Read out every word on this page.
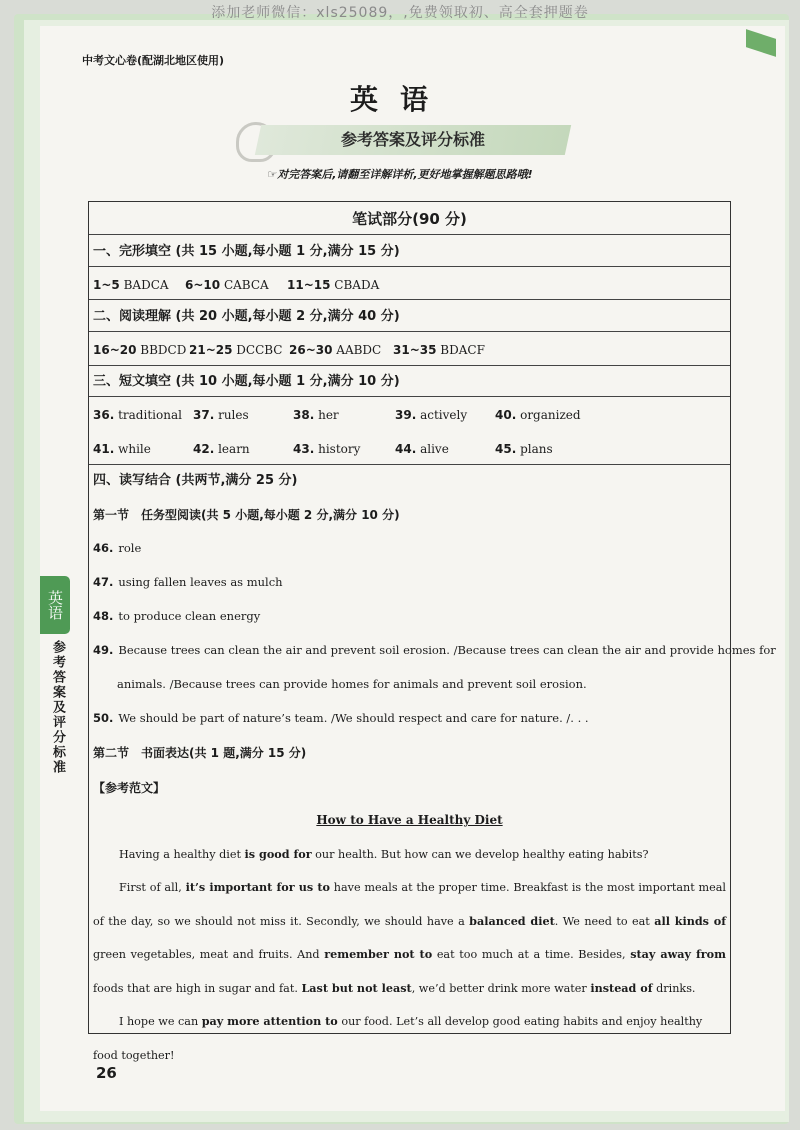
添加老师微信：xls25089，,免费领取初、高全套押题卷
中考文心卷(配湖北地区使用)
英语
参考答案及评分标准
☞对完答案后,请翻至详解详析,更好地掌握解题思路哦!
笔试部分(90 分)
一、完形填空 (共 15 小题,每小题 1 分,满分 15 分)
1~5 BADCA 6~10 CABCA 11~15 CBADA
二、阅读理解 (共 20 小题,每小题 2 分,满分 40 分)
16~20 BBDCD 21~25 DCCBC 26~30 AABDC 31~35 BDACF
三、短文填空 (共 10 小题,每小题 1 分,满分 10 分)
36. traditional 37. rules	38. her	39. actively 40. organized
41. while	42. learn	43. history	44. alive	45. plans
四、读写结合 (共两节,满分 25 分)
第一节　任务型阅读(共 5 小题,每小题 2 分,满分 10 分)
46. role
47. using fallen leaves as mulch
48. to produce clean energy
49. Because trees can clean the air and prevent soil erosion. /Because trees can clean the air and provide homes for
animals. /Because trees can provide homes for animals and prevent soil erosion.
50. We should be part of nature’s team. /We should respect and care for nature. /. . .
第二节　书面表达(共 1 题,满分 15 分)
【参考范文】
How to Have a Healthy Diet
Having a healthy diet is good for our health. But how can we develop healthy eating habits?
First of all, it’s important for us to have meals at the proper time. Breakfast is the most important meal of the day, so we should not miss it. Secondly, we should have a balanced diet. We need to eat all kinds of green vegetables, meat and fruits. And remember not to eat too much at a time. Besides, stay away from foods that are high in sugar and fat. Last but not least, we’d better drink more water instead of drinks.
I hope we can pay more attention to our food. Let’s all develop good eating habits and enjoy healthy food together!
英语
参考答案及评分标准
26
